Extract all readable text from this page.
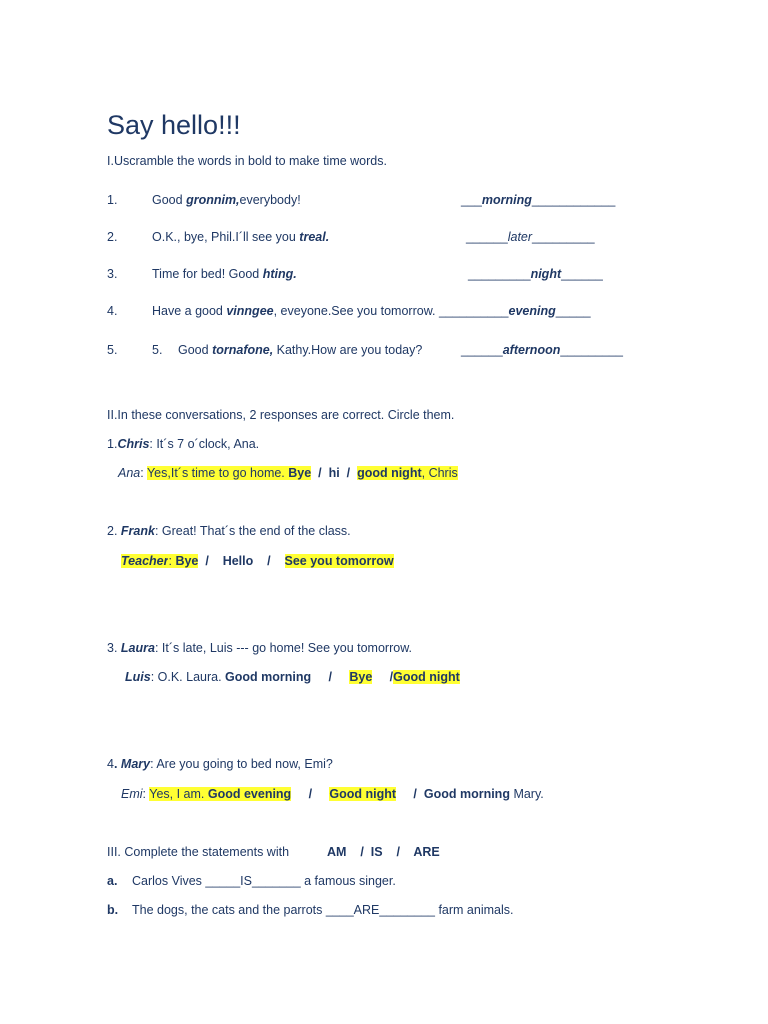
Say hello!!!
I.Uscramble the words in bold to make time words.
1.	Good gronnim,everybody!	___morning____________
2.	O.K., bye, Phil.I´ll see you treal.	______later_________
3.	Time for bed! Good hting.	_________night______
4.	Have a good vinngee, eveyone.See you tomorrow. __________evening_____
5.	5. Good tornafone, Kathy.How are you today?	______afternoon_________
II.In these conversations, 2 responses are correct. Circle them.
1.Chris: It´s 7 o´clock, Ana.
Ana: Yes,It´s time to go home. Bye  /  hi  /  good night, Chris
2. Frank: Great! That´s the end of the class.
Teacher: Bye  /    Hello    /    See you tomorrow
3. Laura: It´s late, Luis --- go home! See you tomorrow.
Luis: O.K. Laura. Good morning     /     Bye     /Good night
4. Mary: Are you going to bed now, Emi?
Emi: Yes, I am. Good evening     /     Good night     /  Good morning Mary.
III. Complete the statements with	AM    /  IS    /    ARE
a. Carlos Vives _____IS_______ a famous singer.
b. The dogs, the cats and the parrots ____ARE________ farm animals.
